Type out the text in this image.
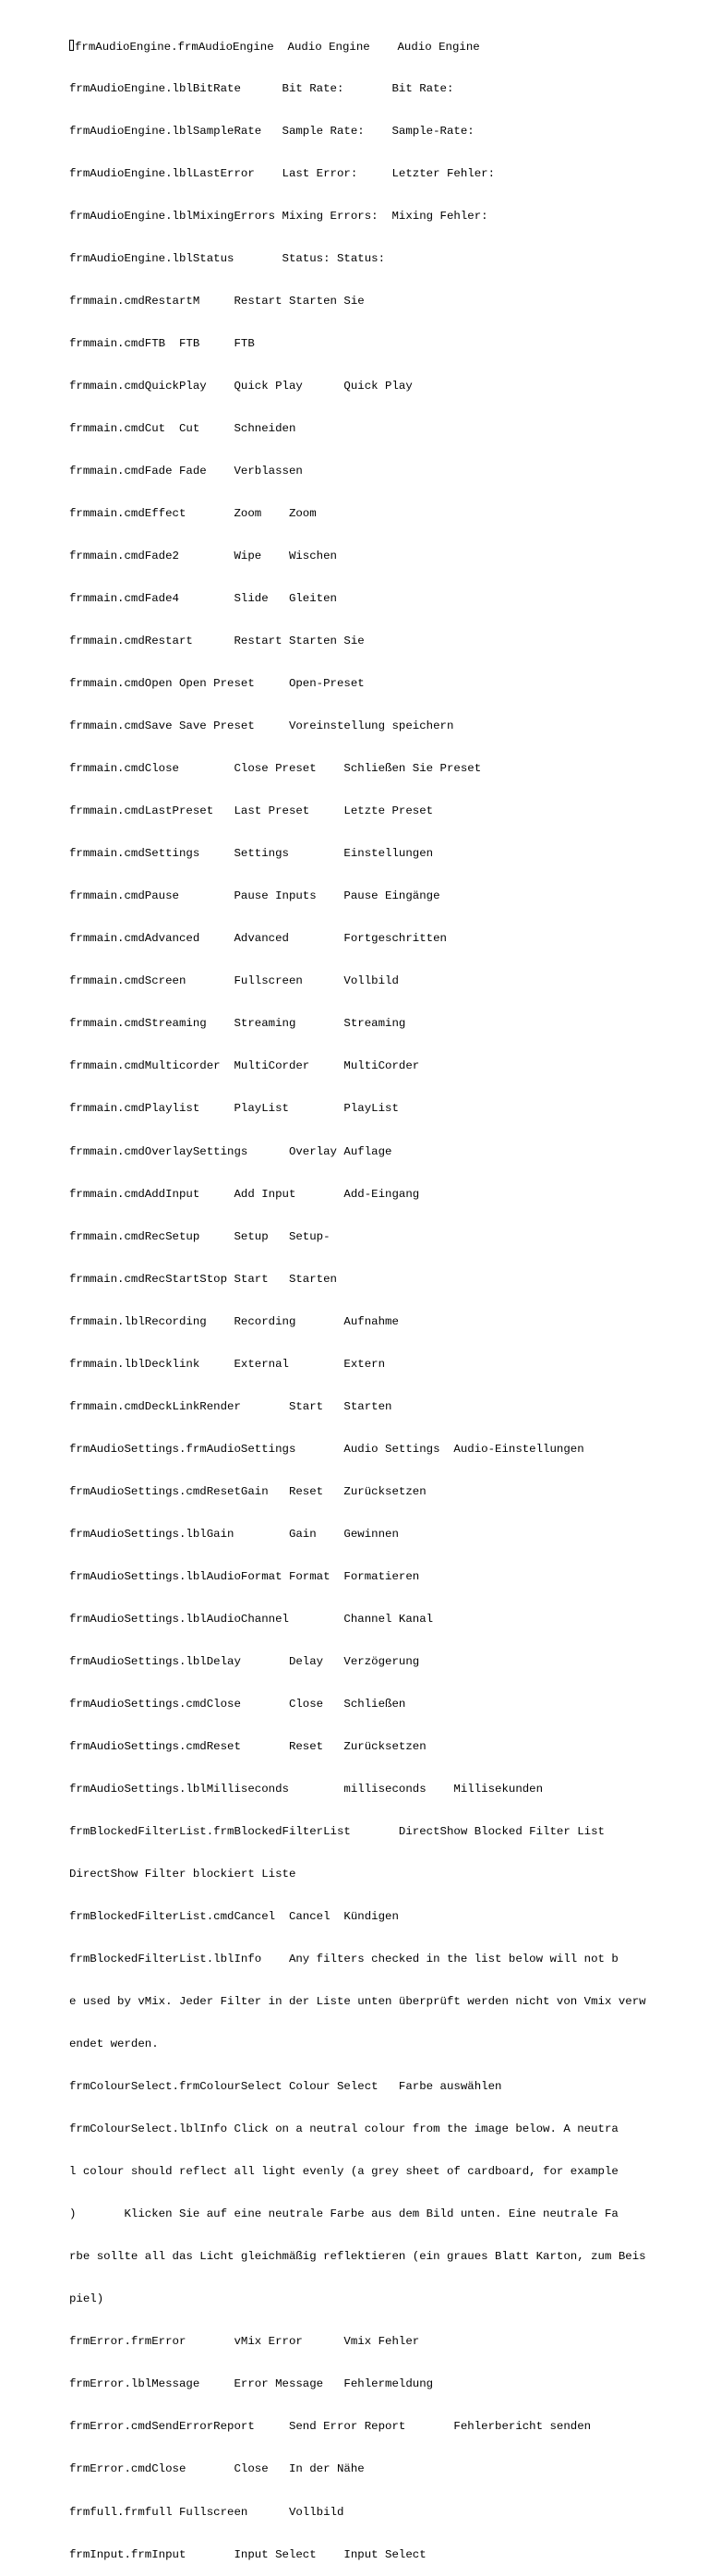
frmAudioEngine.frmAudioEngine  Audio Engine    Audio Engine

frmAudioEngine.lblBitRate      Bit Rate:       Bit Rate:

frmAudioEngine.lblSampleRate   Sample Rate:    Sample-Rate:

frmAudioEngine.lblLastError    Last Error:     Letzter Fehler:

frmAudioEngine.lblMixingErrors Mixing Errors:  Mixing Fehler:

frmAudioEngine.lblStatus       Status: Status:

frmmain.cmdRestartM     Restart Starten Sie

frmmain.cmdFTB  FTB     FTB

frmmain.cmdQuickPlay    Quick Play      Quick Play

frmmain.cmdCut  Cut     Schneiden

frmmain.cmdFade Fade    Verblassen

frmmain.cmdEffect       Zoom    Zoom

frmmain.cmdFade2        Wipe    Wischen

frmmain.cmdFade4        Slide   Gleiten

frmmain.cmdRestart      Restart Starten Sie

frmmain.cmdOpen Open Preset     Open-Preset

frmmain.cmdSave Save Preset     Voreinstellung speichern

frmmain.cmdClose        Close Preset    Schließen Sie Preset

frmmain.cmdLastPreset   Last Preset     Letzte Preset

frmmain.cmdSettings     Settings        Einstellungen

frmmain.cmdPause        Pause Inputs    Pause Eingänge

frmmain.cmdAdvanced     Advanced        Fortgeschritten

frmmain.cmdScreen       Fullscreen      Vollbild

frmmain.cmdStreaming    Streaming       Streaming

frmmain.cmdMulticorder  MultiCorder     MultiCorder

frmmain.cmdPlaylist     PlayList        PlayList

frmmain.cmdOverlaySettings      Overlay Auflage

frmmain.cmdAddInput     Add Input       Add-Eingang

frmmain.cmdRecSetup     Setup   Setup-

frmmain.cmdRecStartStop Start   Starten

frmmain.lblRecording    Recording       Aufnahme

frmmain.lblDecklink     External        Extern

frmmain.cmdDeckLinkRender       Start   Starten

frmAudioSettings.frmAudioSettings       Audio Settings  Audio-Einstellungen

frmAudioSettings.cmdResetGain   Reset   Zurücksetzen

frmAudioSettings.lblGain        Gain    Gewinnen

frmAudioSettings.lblAudioFormat Format  Formatieren

frmAudioSettings.lblAudioChannel        Channel Kanal

frmAudioSettings.lblDelay       Delay   Verzögerung

frmAudioSettings.cmdClose       Close   Schließen

frmAudioSettings.cmdReset       Reset   Zurücksetzen

frmAudioSettings.lblMilliseconds        milliseconds    Millisekunden

frmBlockedFilterList.frmBlockedFilterList       DirectShow Blocked Filter List

DirectShow Filter blockiert Liste

frmBlockedFilterList.cmdCancel  Cancel  Kündigen

frmBlockedFilterList.lblInfo    Any filters checked in the list below will not b

e used by vMix. Jeder Filter in der Liste unten überprüft werden nicht von Vmix verw

endet werden.

frmColourSelect.frmColourSelect Colour Select   Farbe auswählen

frmColourSelect.lblInfo Click on a neutral colour from the image below. A neutra

l colour should reflect all light evenly (a grey sheet of cardboard, for example

)       Klicken Sie auf eine neutrale Farbe aus dem Bild unten. Eine neutrale Fa

rbe sollte all das Licht gleichmäßig reflektieren (ein graues Blatt Karton, zum Beis

piel)

frmError.frmError       vMix Error      Vmix Fehler

frmError.lblMessage     Error Message   Fehlermeldung

frmError.cmdSendErrorReport     Send Error Report       Fehlerbericht senden

frmError.cmdClose       Close   In der Nähe

frmfull.frmfull Fullscreen      Vollbild

frmInput.frmInput       Input Select    Input Select
